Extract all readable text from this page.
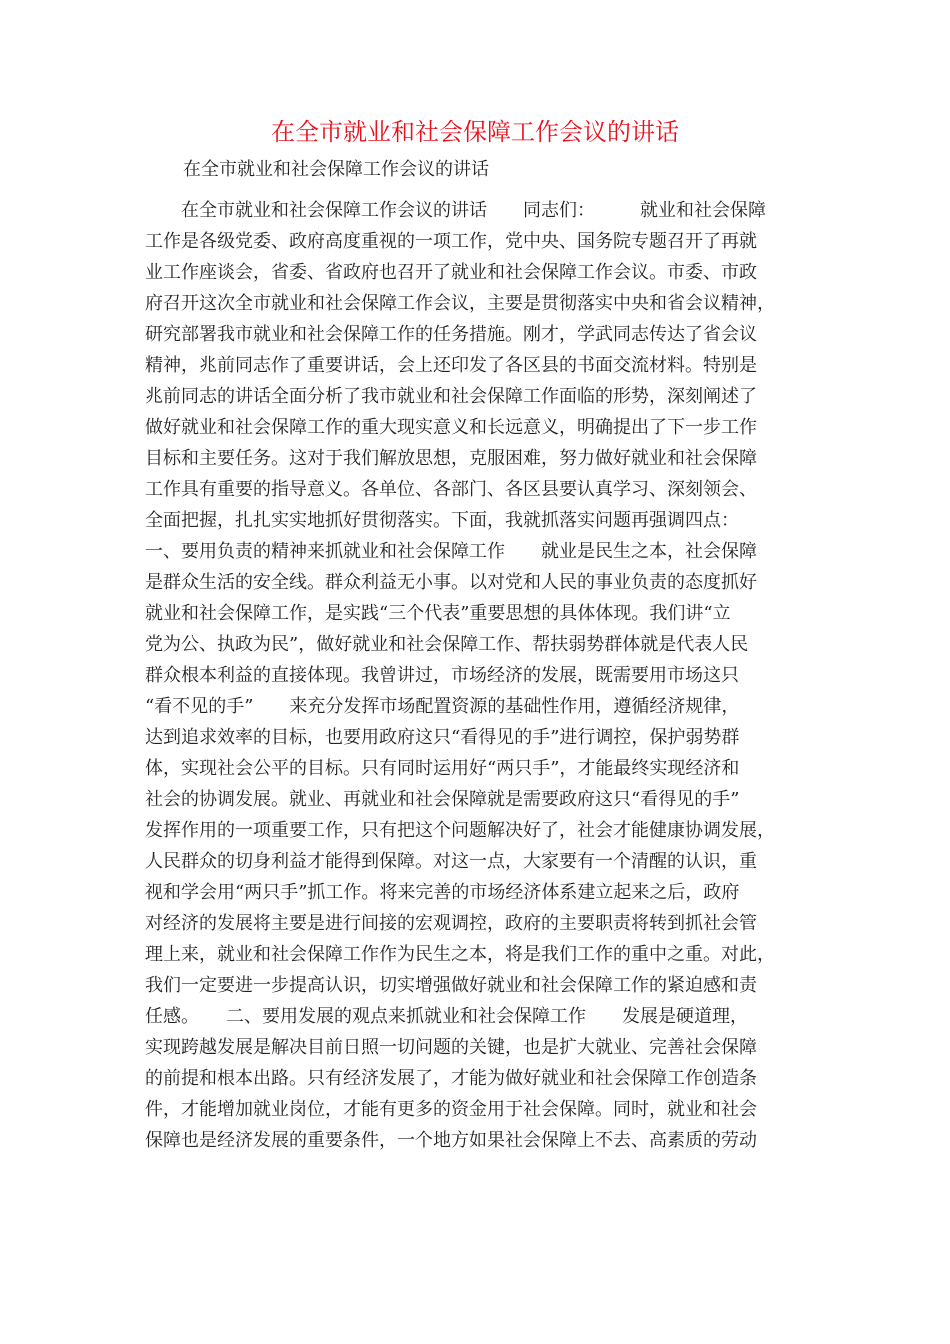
在全市就业和社会保障工作会议的讲话
在全市就业和社会保障工作会议的讲话
　　在全市就业和社会保障工作会议的讲话　　同志们：　　　就业和社会保障
工作是各级党委、政府高度重视的一项工作，党中央、国务院专题召开了再就
业工作座谈会，省委、省政府也召开了就业和社会保障工作会议。市委、市政
府召开这次全市就业和社会保障工作会议，主要是贯彻落实中央和省会议精神，
研究部署我市就业和社会保障工作的任务措施。刚才，学武同志传达了省会议
精神，兆前同志作了重要讲话，会上还印发了各区县的书面交流材料。特别是
兆前同志的讲话全面分析了我市就业和社会保障工作面临的形势，深刻阐述了
做好就业和社会保障工作的重大现实意义和长远意义，明确提出了下一步工作
目标和主要任务。这对于我们解放思想，克服困难，努力做好就业和社会保障
工作具有重要的指导意义。各单位、各部门、各区县要认真学习、深刻领会、
全面把握，扎扎实实地抓好贯彻落实。下面，我就抓落实问题再强调四点：
一、要用负责的精神来抓就业和社会保障工作　　就业是民生之本，社会保障
是群众生活的安全线。群众利益无小事。以对党和人民的事业负责的态度抓好
就业和社会保障工作，是实践“三个代表”重要思想的具体体现。我们讲“立
党为公、执政为民”，做好就业和社会保障工作、帮扶弱势群体就是代表人民
群众根本利益的直接体现。我曾讲过，市场经济的发展，既需要用市场这只
“看不见的手”　　来充分发挥市场配置资源的基础性作用，遵循经济规律，
达到追求效率的目标，也要用政府这只“看得见的手”进行调控，保护弱势群
体，实现社会公平的目标。只有同时运用好“两只手”，才能最终实现经济和
社会的协调发展。就业、再就业和社会保障就是需要政府这只“看得见的手”
发挥作用的一项重要工作，只有把这个问题解决好了，社会才能健康协调发展，
人民群众的切身利益才能得到保障。对这一点，大家要有一个清醒的认识，重
视和学会用“两只手”抓工作。将来完善的市场经济体系建立起来之后，政府
对经济的发展将主要是进行间接的宏观调控，政府的主要职责将转到抓社会管
理上来，就业和社会保障工作作为民生之本，将是我们工作的重中之重。对此，
我们一定要进一步提高认识，切实增强做好就业和社会保障工作的紧迫感和责
任感。　　二、要用发展的观点来抓就业和社会保障工作　　发展是硬道理，
实现跨越发展是解决目前日照一切问题的关键，也是扩大就业、完善社会保障
的前提和根本出路。只有经济发展了，才能为做好就业和社会保障工作创造条
件，才能增加就业岗位，才能有更多的资金用于社会保障。同时，就业和社会
保障也是经济发展的重要条件，一个地方如果社会保障上不去、高素质的劳动
